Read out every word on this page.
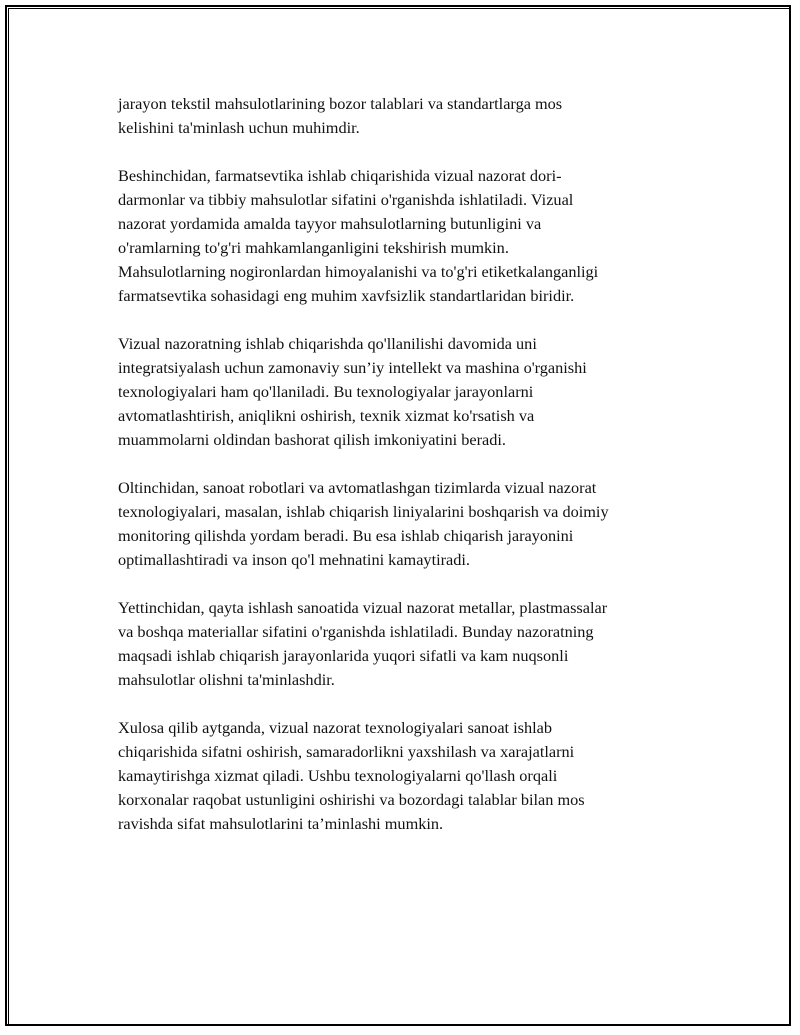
jarayon tekstil mahsulotlarining bozor talablari va standartlarga mos
kelishini ta'minlash uchun muhimdir.

Beshinchidan, farmatsevtika ishlab chiqarishida vizual nazorat dori-
darmonlar va tibbiy mahsulotlar sifatini o'rganishda ishlatiladi. Vizual
nazorat yordamida amalda tayyor mahsulotlarning butunligini va
o'ramlarning to'g'ri mahkamlanganligini tekshirish mumkin.
Mahsulotlarning nogironlardan himoyalanishi va to'g'ri etiketkalanganligi
farmatsevtika sohasidagi eng muhim xavfsizlik standartlaridan biridir.

Vizual nazoratning ishlab chiqarishda qo'llanilishi davomida uni
integratsiyalash uchun zamonaviy sun’iy intellekt va mashina o'rganishi
texnologiyalari ham qo'llaniladi. Bu texnologiyalar jarayonlarni
avtomatlashtirish, aniqlikni oshirish, texnik xizmat ko'rsatish va
muammolarni oldindan bashorat qilish imkoniyatini beradi.

Oltinchidan, sanoat robotlari va avtomatlashgan tizimlarda vizual nazorat
texnologiyalari, masalan, ishlab chiqarish liniyalarini boshqarish va doimiy
monitoring qilishda yordam beradi. Bu esa ishlab chiqarish jarayonini
optimallashtiradi va inson qo'l mehnatini kamaytiradi.

Yettinchidan, qayta ishlash sanoatida vizual nazorat metallar, plastmassalar
va boshqa materiallar sifatini o'rganishda ishlatiladi. Bunday nazoratning
maqsadi ishlab chiqarish jarayonlarida yuqori sifatli va kam nuqsonli
mahsulotlar olishni ta'minlashdir.

Xulosa qilib aytganda, vizual nazorat texnologiyalari sanoat ishlab
chiqarishida sifatni oshirish, samaradorlikni yaxshilash va xarajatlarni
kamaytirishga xizmat qiladi. Ushbu texnologiyalarni qo'llash orqali
korxonalar raqobat ustunligini oshirishi va bozordagi talablar bilan mos
ravishda sifat mahsulotlarini ta’minlashi mumkin.
